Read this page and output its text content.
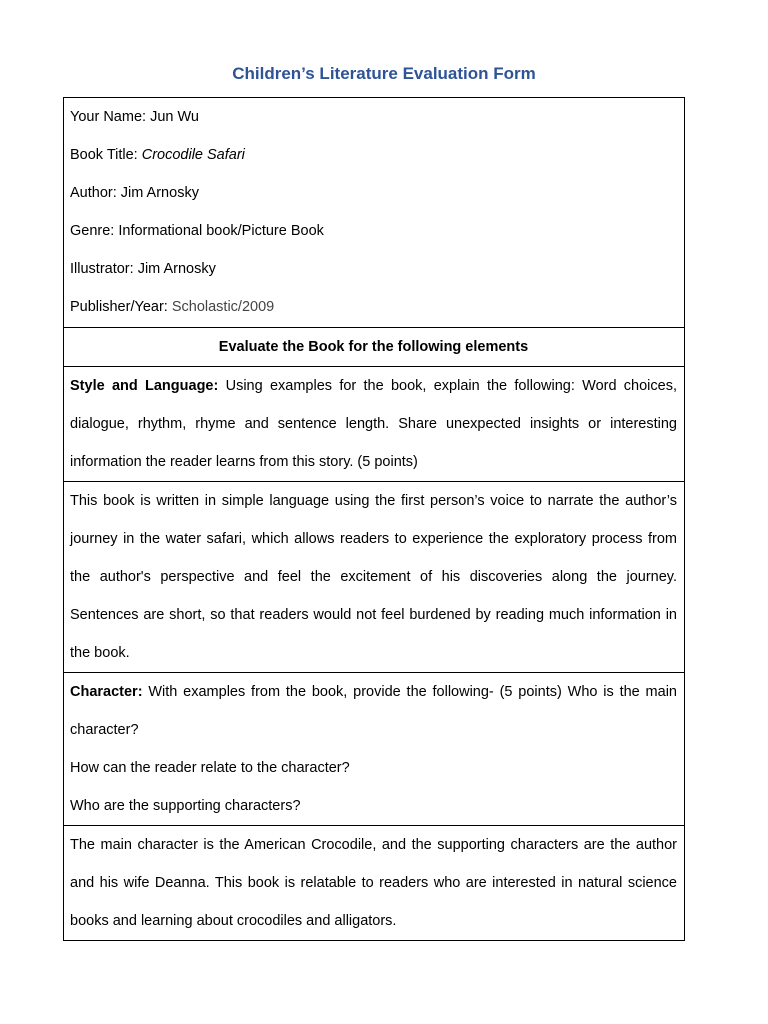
Children’s Literature Evaluation Form
Your Name: Jun Wu
Book Title: Crocodile Safari
Author: Jim Arnosky
Genre: Informational book/Picture Book
Illustrator: Jim Arnosky
Publisher/Year: Scholastic/2009

Evaluate the Book for the following elements

Style and Language: Using examples for the book, explain the following: Word choices, dialogue, rhythm, rhyme and sentence length. Share unexpected insights or interesting information the reader learns from this story. (5 points)

This book is written in simple language using the first person’s voice to narrate the author’s journey in the water safari, which allows readers to experience the exploratory process from the author's perspective and feel the excitement of his discoveries along the journey. Sentences are short, so that readers would not feel burdened by reading much information in the book.

Character: With examples from the book, provide the following- (5 points) Who is the main character?

How can the reader relate to the character?

Who are the supporting characters?

The main character is the American Crocodile, and the supporting characters are the author and his wife Deanna. This book is relatable to readers who are interested in natural science books and learning about crocodiles and alligators.
